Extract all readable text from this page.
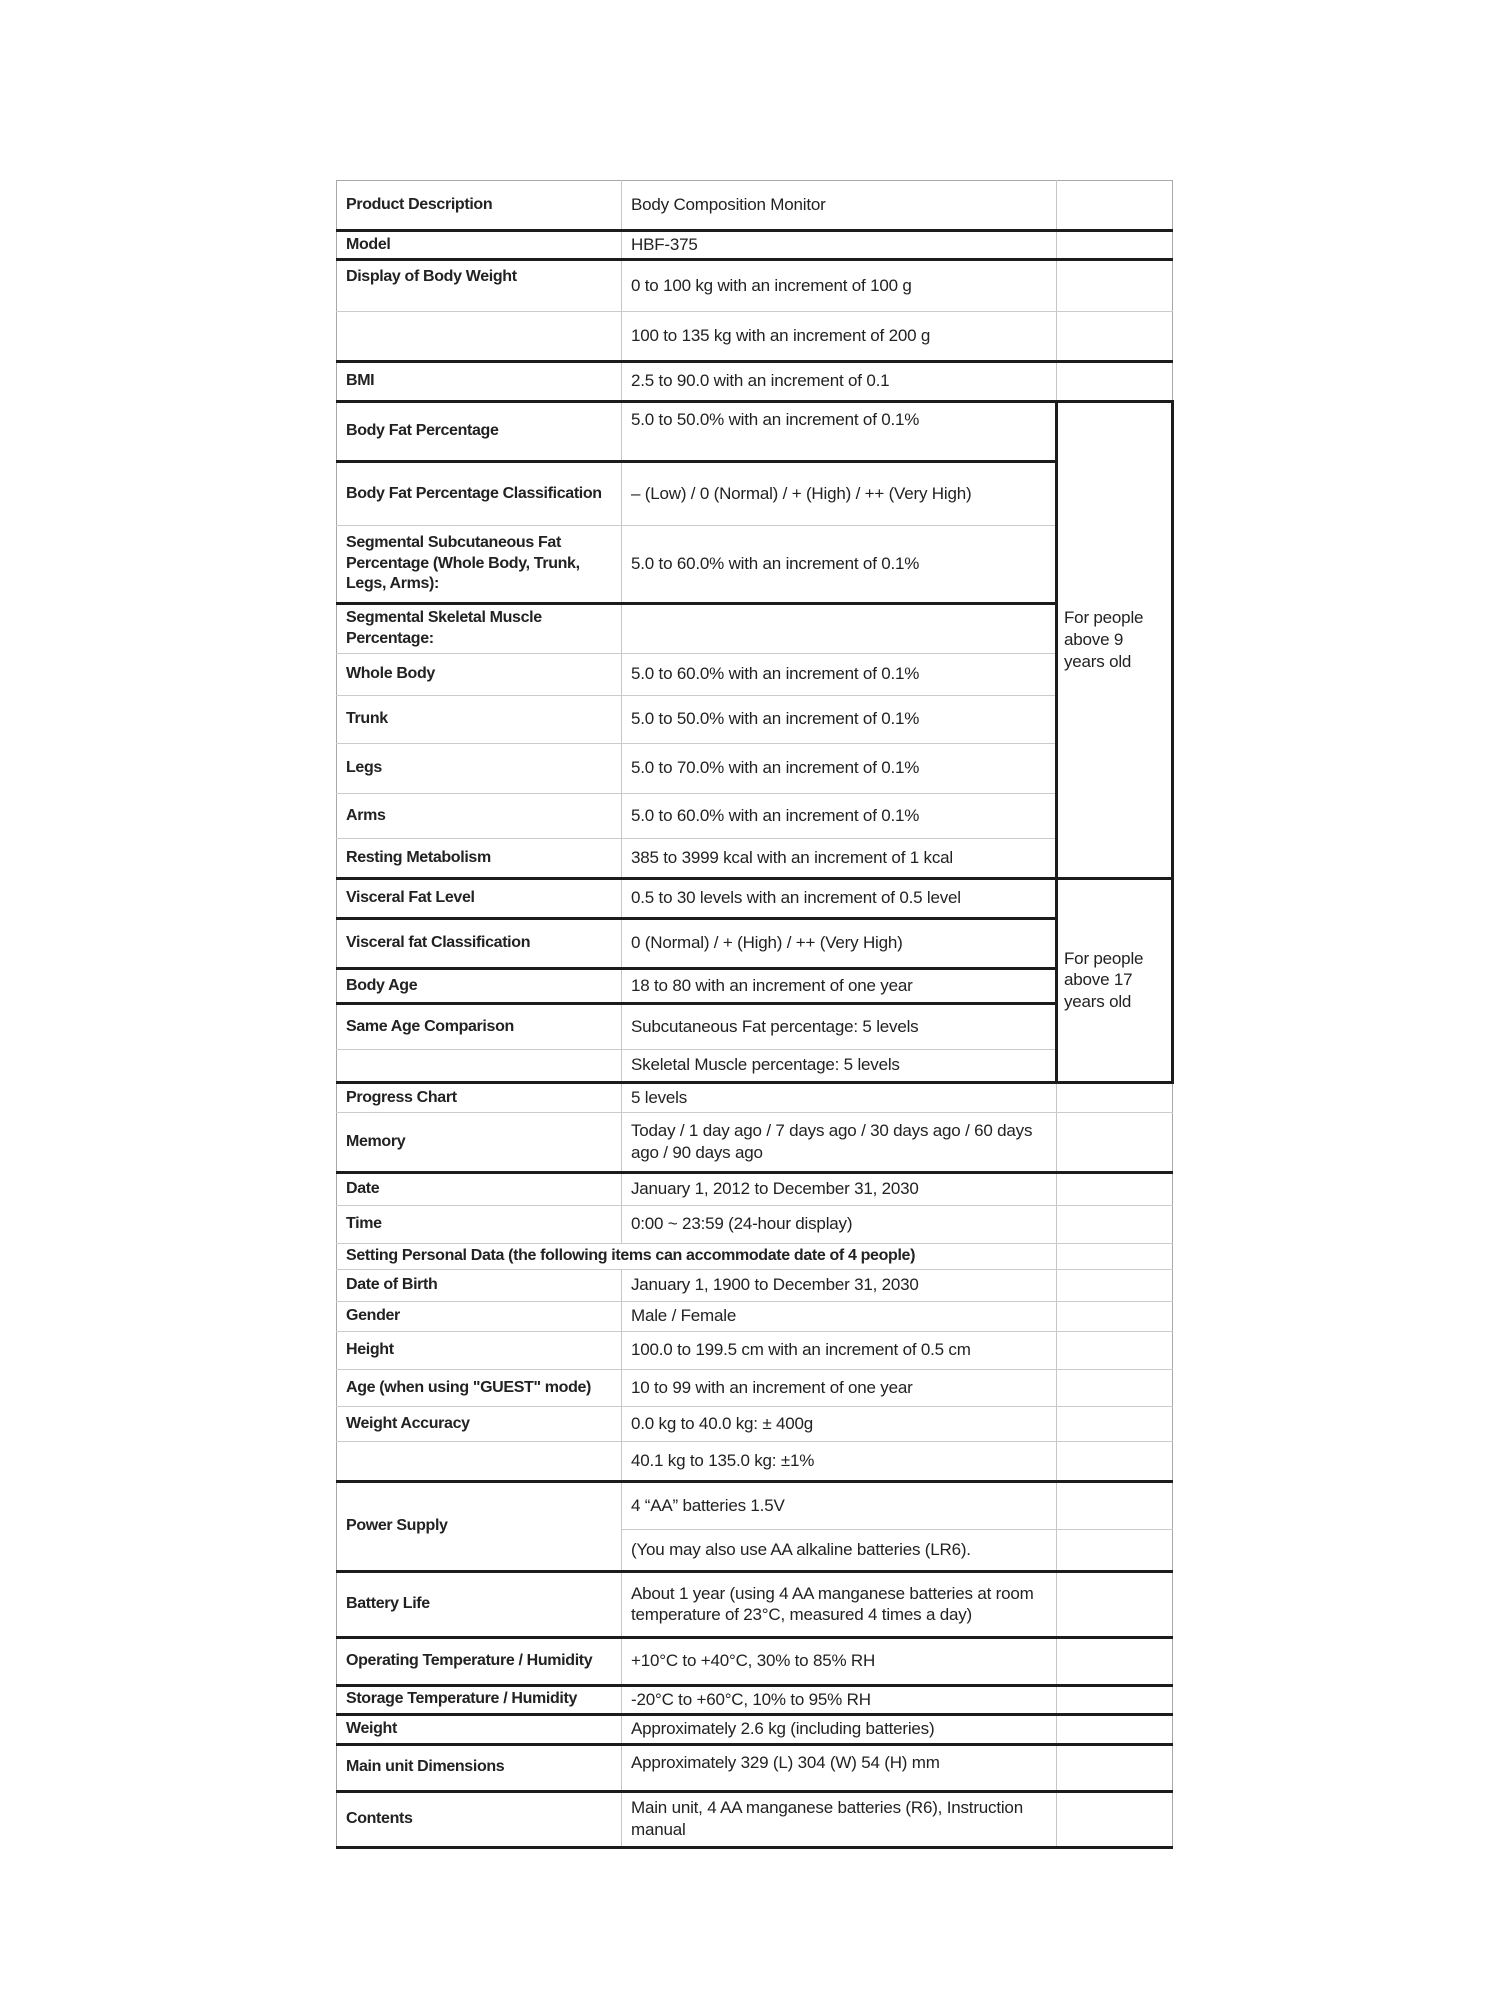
Product Description	Body Composition Monitor	
Model	HBF-375	
Display of Body Weight	0 to 100 kg with an increment of 100 g	
	100 to 135 kg with an increment of 200 g	
BMI	2.5 to 90.0 with an increment of 0.1	
Body Fat Percentage	5.0 to 50.0% with an increment of 0.1%	For people above 9 years old
Body Fat Percentage Classification	– (Low) / 0 (Normal) / + (High) / ++ (Very High)	
Segmental Subcutaneous Fat Percentage (Whole Body, Trunk, Legs, Arms):	5.0 to 60.0% with an increment of 0.1%	
Segmental Skeletal Muscle Percentage:		
Whole Body	5.0 to 60.0% with an increment of 0.1%	
Trunk	5.0 to 50.0% with an increment of 0.1%	
Legs	5.0 to 70.0% with an increment of 0.1%	
Arms	5.0 to 60.0% with an increment of 0.1%	
Resting Metabolism	385 to 3999 kcal with an increment of 1 kcal	
Visceral Fat Level	0.5 to 30 levels with an increment of 0.5 level	For people above 17 years old
Visceral fat Classification	0 (Normal) / + (High) / ++ (Very High)	
Body Age	18 to 80 with an increment of one year	
Same Age Comparison	Subcutaneous Fat percentage: 5 levels	
	Skeletal Muscle percentage: 5 levels	
Progress Chart	5 levels	
Memory	Today / 1 day ago / 7 days ago / 30 days ago / 60 days ago / 90 days ago	
Date	January 1, 2012 to December 31, 2030	
Time	0:00 ~ 23:59 (24-hour display)	
Setting Personal Data (the following items can accommodate date of 4 people)		
Date of Birth	January 1, 1900 to December 31, 2030	
Gender	Male / Female	
Height	100.0 to 199.5 cm with an increment of 0.5 cm	
Age (when using "GUEST" mode)	10 to 99 with an increment of one year	
Weight Accuracy	0.0 kg to 40.0 kg: ± 400g	
	40.1 kg to 135.0 kg: ±1%	
Power Supply	4 “AA” batteries 1.5V	
	(You may also use AA alkaline batteries (LR6).	
Battery Life	About 1 year (using 4 AA manganese batteries at room temperature of 23°C, measured 4 times a day)	
Operating Temperature / Humidity	+10°C to +40°C, 30% to 85% RH	
Storage Temperature / Humidity	-20°C to +60°C, 10% to 95% RH	
Weight	Approximately 2.6 kg (including batteries)	
Main unit Dimensions	Approximately 329 (L) 304 (W) 54 (H) mm	
Contents	Main unit, 4 AA manganese batteries (R6), Instruction manual	
